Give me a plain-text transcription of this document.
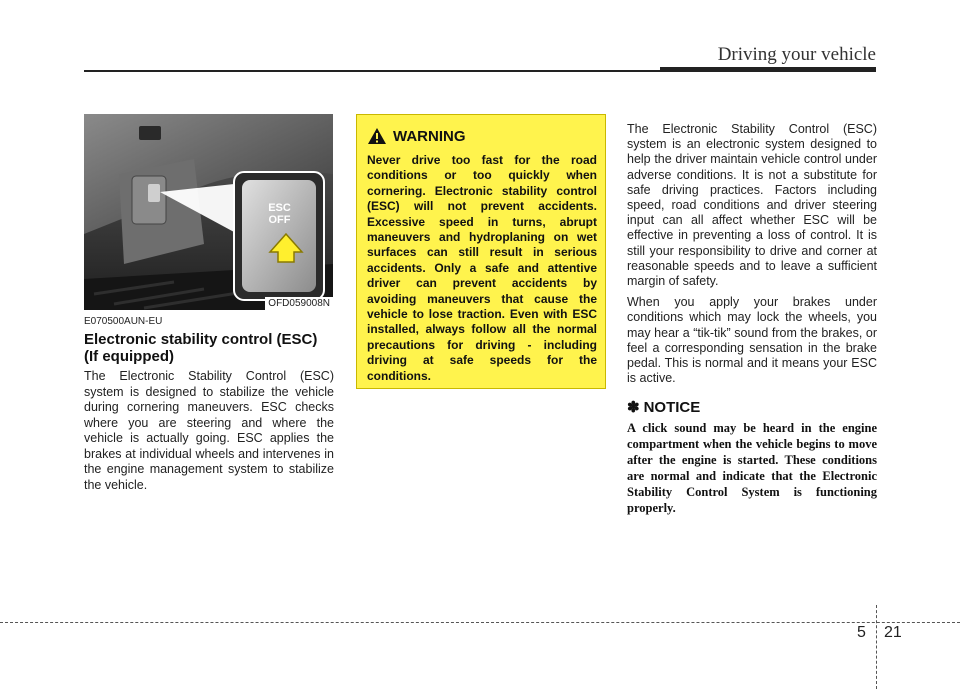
Driving your vehicle
ESC
OFF
OFD059008N
E070500AUN-EU
Electronic stability control (ESC) (If equipped)
The Electronic Stability Control (ESC) system is designed to stabilize the vehicle during cornering maneuvers. ESC checks where you are steering and where the vehicle is actually going. ESC applies the brakes at individual wheels and intervenes in the engine management system to stabilize the vehicle.
WARNING
Never drive too fast for the road conditions or too quickly when cornering. Electronic stability control (ESC) will not prevent accidents. Excessive speed in turns, abrupt maneuvers and hydroplaning on wet surfaces can still result in serious accidents. Only a safe and attentive driver can prevent accidents by avoiding maneuvers that cause the vehicle to lose traction. Even with ESC installed, always follow all the normal precautions for driving - including driving at safe speeds for the conditions.

The Electronic Stability Control (ESC) system is an electronic system designed to help the driver maintain vehicle control under adverse conditions. It is not a substitute for safe driving practices. Factors including speed, road conditions and driver steering input can all affect whether ESC will be effective in preventing a loss of control. It is still your responsibility to drive and corner at reasonable speeds and to leave a sufficient margin of safety.

When you apply your brakes under conditions which may lock the wheels, you may hear a “tik-tik” sound from the brakes, or feel a corresponding sensation in the brake pedal. This is normal and it means your ESC is active.

✽ NOTICE

A click sound may be heard in the engine compartment when the vehicle begins to move after the engine is started. These conditions are normal and indicate that the Electronic Stability Control System is functioning properly.

5 21
